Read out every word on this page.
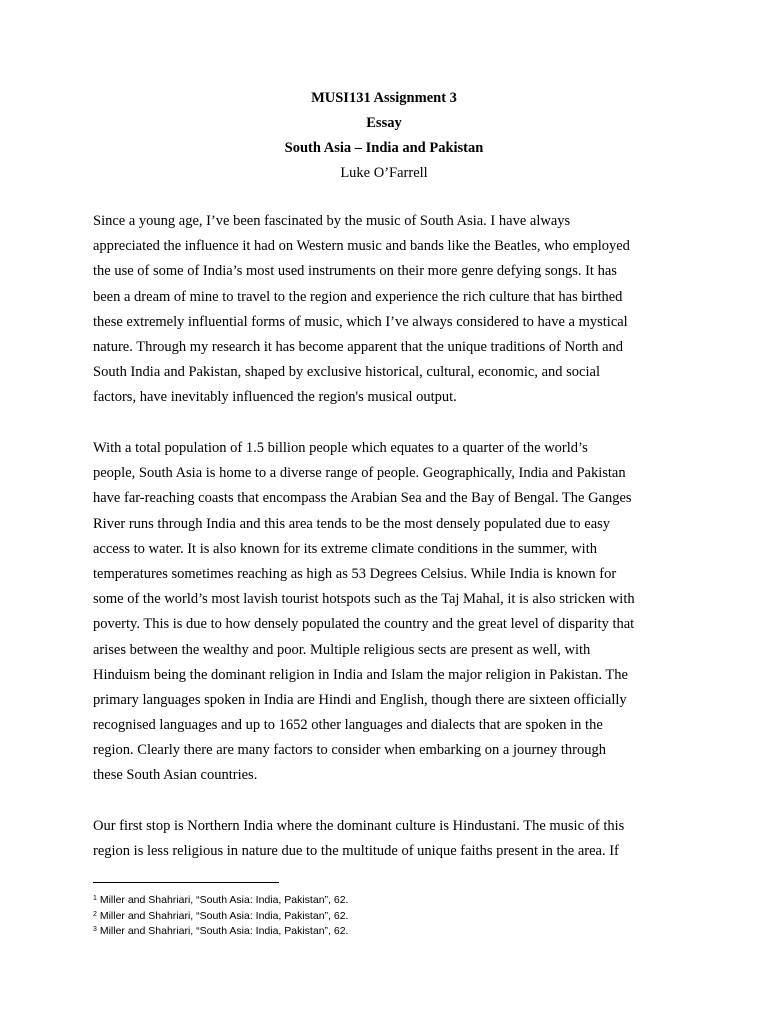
MUSI131 Assignment 3
Essay
South Asia – India and Pakistan
Luke O’Farrell
Since a young age, I’ve been fascinated by the music of South Asia. I have always
appreciated the influence it had on Western music and bands like the Beatles, who employed
the use of some of India’s most used instruments on their more genre defying songs. It has
been a dream of mine to travel to the region and experience the rich culture that has birthed
these extremely influential forms of music, which I’ve always considered to have a mystical
nature. Through my research it has become apparent that the unique traditions of North and
South India and Pakistan, shaped by exclusive historical, cultural, economic, and social
factors, have inevitably influenced the region's musical output.
With a total population of 1.5 billion people which equates to a quarter of the world’s
people, South Asia is home to a diverse range of people. Geographically, India and Pakistan
have far-reaching coasts that encompass the Arabian Sea and the Bay of Bengal. The Ganges
River runs through India and this area tends to be the most densely populated due to easy
access to water. It is also known for its extreme climate conditions in the summer, with
temperatures sometimes reaching as high as 53 Degrees Celsius. While India is known for
some of the world’s most lavish tourist hotspots such as the Taj Mahal, it is also stricken with
poverty. This is due to how densely populated the country and the great level of disparity that
arises between the wealthy and poor. Multiple religious sects are present as well, with
Hinduism being the dominant religion in India and Islam the major religion in Pakistan. The
primary languages spoken in India are Hindi and English, though there are sixteen officially
recognised languages and up to 1652 other languages and dialects that are spoken in the
region. Clearly there are many factors to consider when embarking on a journey through
these South Asian countries.
Our first stop is Northern India where the dominant culture is Hindustani. The music of this
region is less religious in nature due to the multitude of unique faiths present in the area. If
$^1$ Miller and Shahriari, “South Asia: India, Pakistan”, 62.
$^2$ Miller and Shahriari, “South Asia: India, Pakistan”, 62.
$^3$ Miller and Shahriari, “South Asia: India, Pakistan”, 62.
